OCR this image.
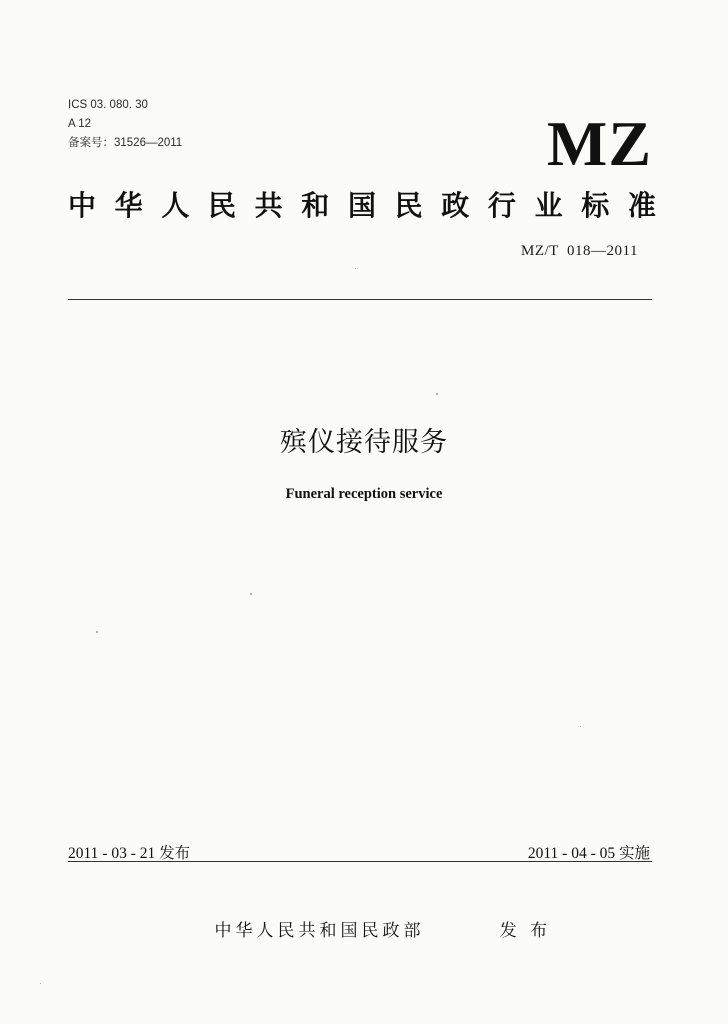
ICS 03. 080. 30
A 12
备案号：31526—2011	MZ
中 华 人 民 共 和 国 民 政 行 业 标 准
MZ/T  018—2011
殡仪接待服务
Funeral reception service
2011 - 03 - 21 发布	2011 - 04 - 05 实施

中华人民共和国民政部	发 布
